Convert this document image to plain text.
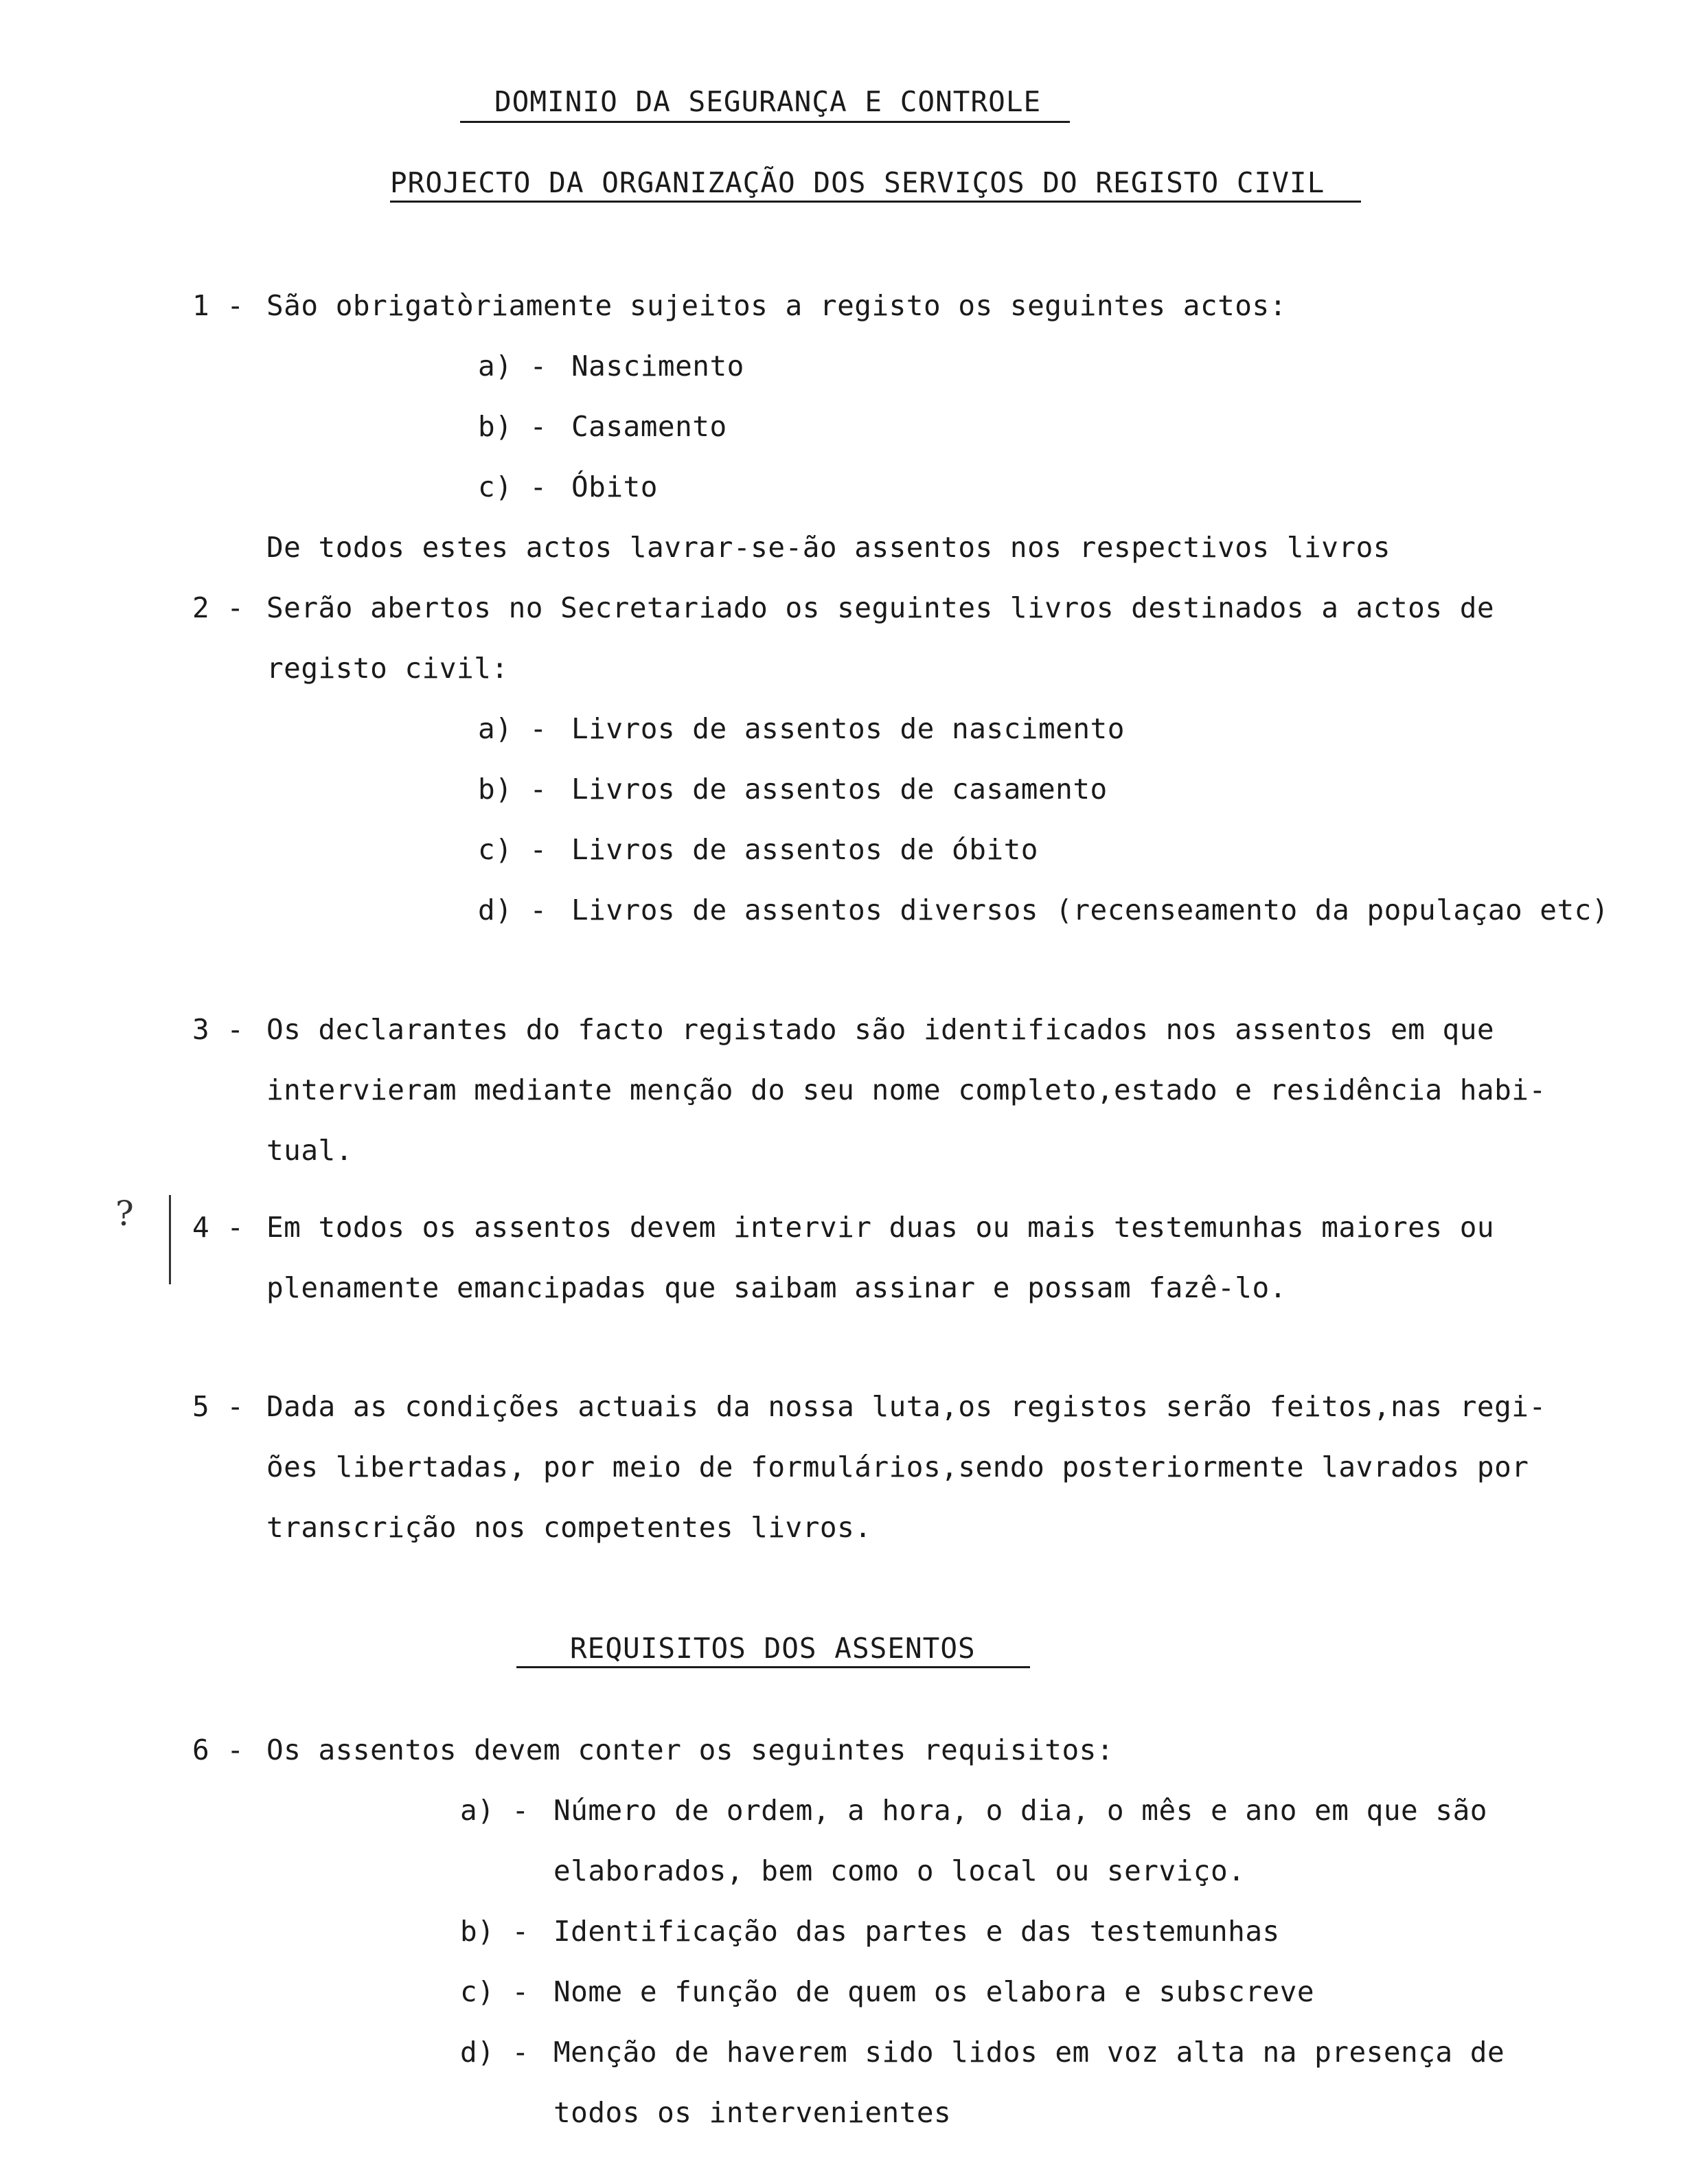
DOMINIO DA SEGURANÇA E CONTROLE
PROJECTO DA ORGANIZAÇÃO DOS SERVIÇOS DO REGISTO CIVIL
1 - São obrigatòriamente sujeitos a registo os seguintes actos:
a) - Nascimento
b) - Casamento
c) - Óbito
De todos estes actos lavrar-se-ão assentos nos respectivos livros
2 - Serão abertos no Secretariado os seguintes livros destinados a actos de
registo civil:
a) - Livros de assentos de nascimento
b) - Livros de assentos de casamento
c) - Livros de assentos de óbito
d) - Livros de assentos diversos (recenseamento da populaçao etc)
3 - Os declarantes do facto registado são identificados nos assentos em que
intervieram mediante menção do seu nome completo,estado e residência habi-
tual.
? 4 - Em todos os assentos devem intervir duas ou mais testemunhas maiores ou
plenamente emancipadas que saibam assinar e possam fazê-lo.
5 - Dada as condições actuais da nossa luta,os registos serão feitos,nas regi-
ões libertadas, por meio de formulários,sendo posteriormente lavrados por
transcrição nos competentes livros.
REQUISITOS DOS ASSENTOS
6 - Os assentos devem conter os seguintes requisitos:
a) - Número de ordem, a hora, o dia, o mês e ano em que são
elaborados, bem como o local ou serviço.
b) - Identificação das partes e das testemunhas
c) - Nome e função de quem os elabora e subscreve
d) - Menção de haverem sido lidos em voz alta na presença de
todos os intervenientes
